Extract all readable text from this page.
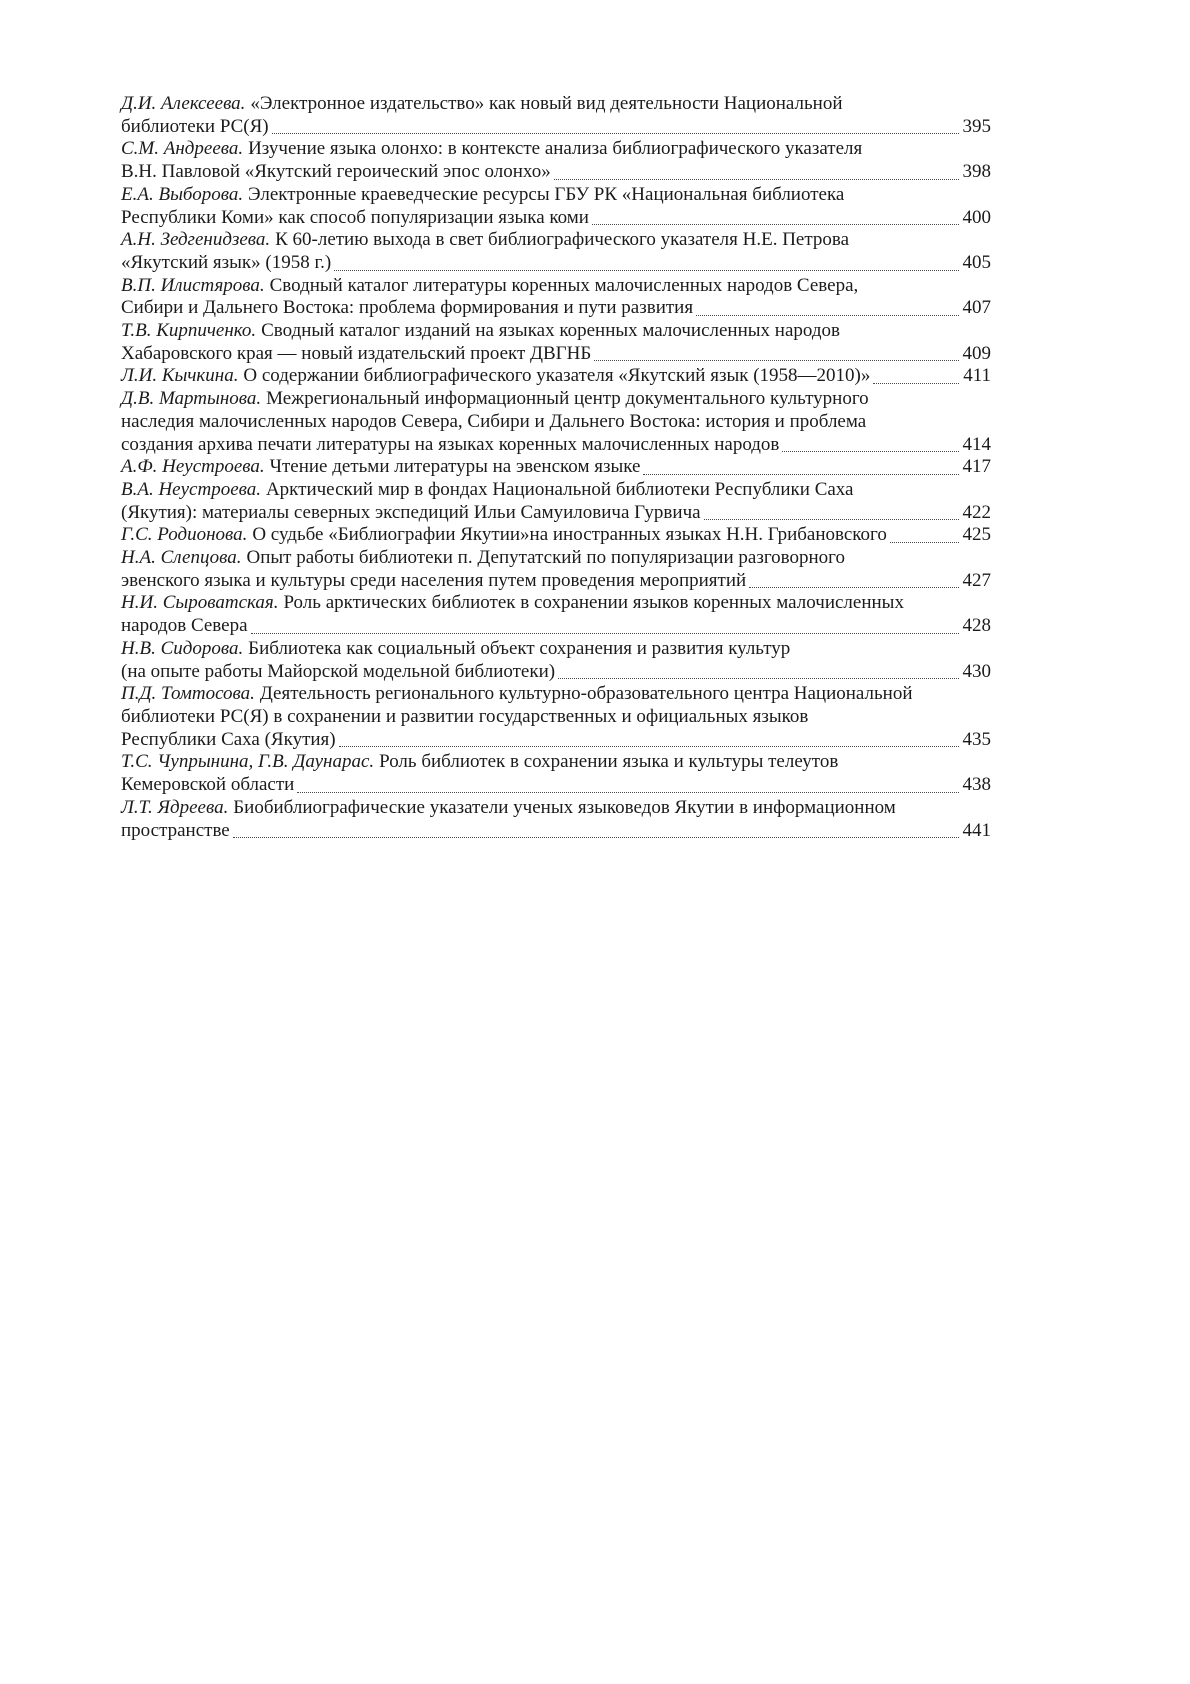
Д.И. Алексеева. «Электронное издательство» как новый вид деятельности Национальной
библиотеки РС(Я)	395
С.М. Андреева. Изучение языка олонхо: в контексте анализа библиографического указателя
В.Н. Павловой «Якутский героический эпос олонхо»	398
Е.А. Выборова. Электронные краеведческие ресурсы ГБУ РК «Национальная библиотека
Республики Коми» как способ популяризации языка коми	400
А.Н. Зедгенидзева. К 60-летию выхода в свет библиографического указателя Н.Е. Петрова
«Якутский язык» (1958 г.)	405
В.П. Илистярова. Сводный каталог литературы коренных малочисленных народов Севера,
Сибири и Дальнего Востока: проблема формирования и пути развития	407
Т.В. Кирпиченко. Сводный каталог изданий на языках коренных малочисленных народов
Хабаровского края — новый издательский проект ДВГНБ	409
Л.И. Кычкина. О содержании библиографического указателя «Якутский язык (1958—2010)»	411
Д.В. Мартынова. Межрегиональный информационный центр документального культурного
наследия малочисленных народов Севера, Сибири и Дальнего Востока: история и проблема
создания архива печати литературы на языках коренных малочисленных народов	414
А.Ф. Неустроева. Чтение детьми литературы на эвенском языке	417
В.А. Неустроева. Арктический мир в фондах Национальной библиотеки Республики Саха
(Якутия): материалы северных экспедиций Ильи Самуиловича Гурвича	422
Г.С. Родионова. О судьбе «Библиографии Якутии»на иностранных языках Н.Н. Грибановского	425
Н.А. Слепцова. Опыт работы библиотеки п. Депутатский по популяризации разговорного
эвенского языка и культуры среди населения путем проведения мероприятий	427
Н.И. Сыроватская. Роль арктических библиотек в сохранении языков коренных малочисленных
народов Севера	428
Н.В. Сидорова. Библиотека как социальный объект сохранения и развития культур
(на опыте работы Майорской модельной библиотеки)	430
П.Д. Томтосова. Деятельность регионального культурно-образовательного центра Национальной
библиотеки РС(Я) в сохранении и развитии государственных и официальных языков
Республики Саха (Якутия)	435
Т.С. Чупрынина, Г.В. Даунарас. Роль библиотек в сохранении языка и культуры телеутов
Кемеровской области	438
Л.Т. Ядреева. Биобиблиографические указатели ученых языковедов Якутии в информационном
пространстве	441
